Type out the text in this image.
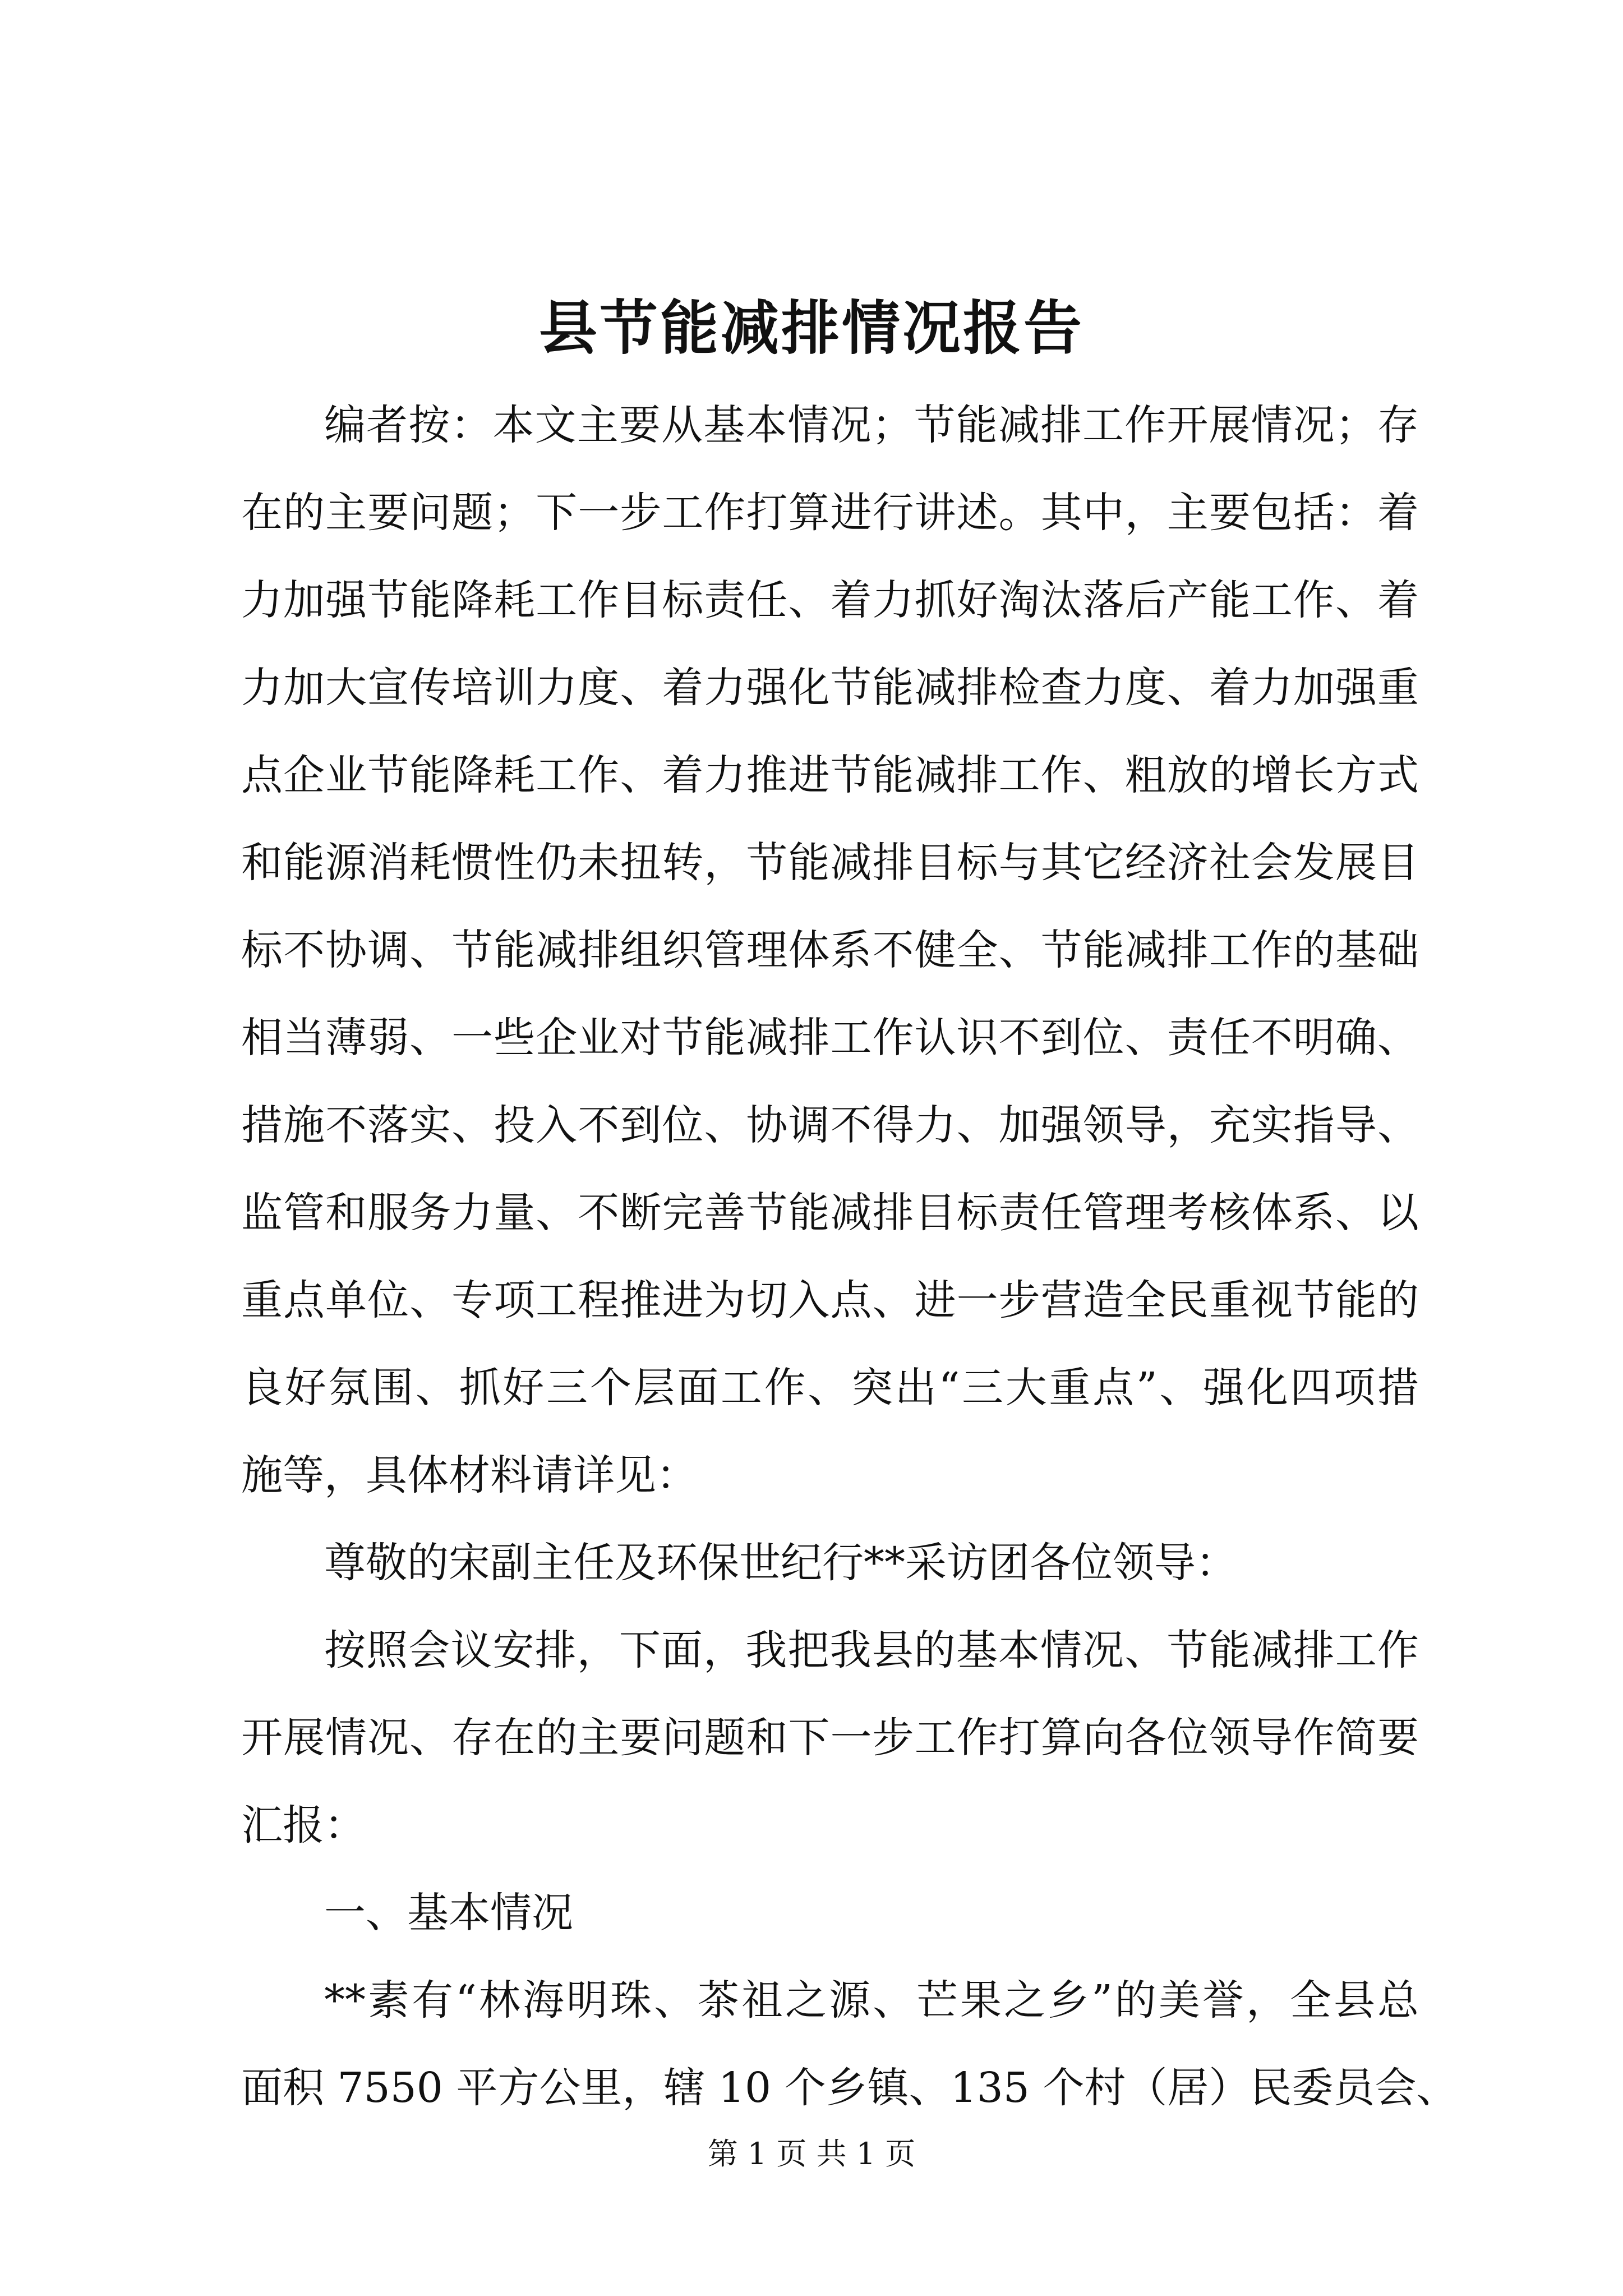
县节能减排情况报告
编者按：本文主要从基本情况；节能减排工作开展情况；存
在的主要问题；下一步工作打算进行讲述。其中，主要包括：着
力加强节能降耗工作目标责任、着力抓好淘汰落后产能工作、着
力加大宣传培训力度、着力强化节能减排检查力度、着力加强重
点企业节能降耗工作、着力推进节能减排工作、粗放的增长方式
和能源消耗惯性仍未扭转，节能减排目标与其它经济社会发展目
标不协调、节能减排组织管理体系不健全、节能减排工作的基础
相当薄弱、一些企业对节能减排工作认识不到位、责任不明确、
措施不落实、投入不到位、协调不得力、加强领导，充实指导、
监管和服务力量、不断完善节能减排目标责任管理考核体系、以
重点单位、专项工程推进为切入点、进一步营造全民重视节能的
良好氛围、抓好三个层面工作、突出“三大重点”、强化四项措
施等，具体材料请详见：
尊敬的宋副主任及环保世纪行**采访团各位领导：
按照会议安排，下面，我把我县的基本情况、节能减排工作
开展情况、存在的主要问题和下一步工作打算向各位领导作简要
汇报：
一、基本情况
**素有“林海明珠、茶祖之源、芒果之乡”的美誉，全县总
面积 7550 平方公里，辖 10 个乡镇、135 个村（居）民委员会、
第 1 页 共 1 页
